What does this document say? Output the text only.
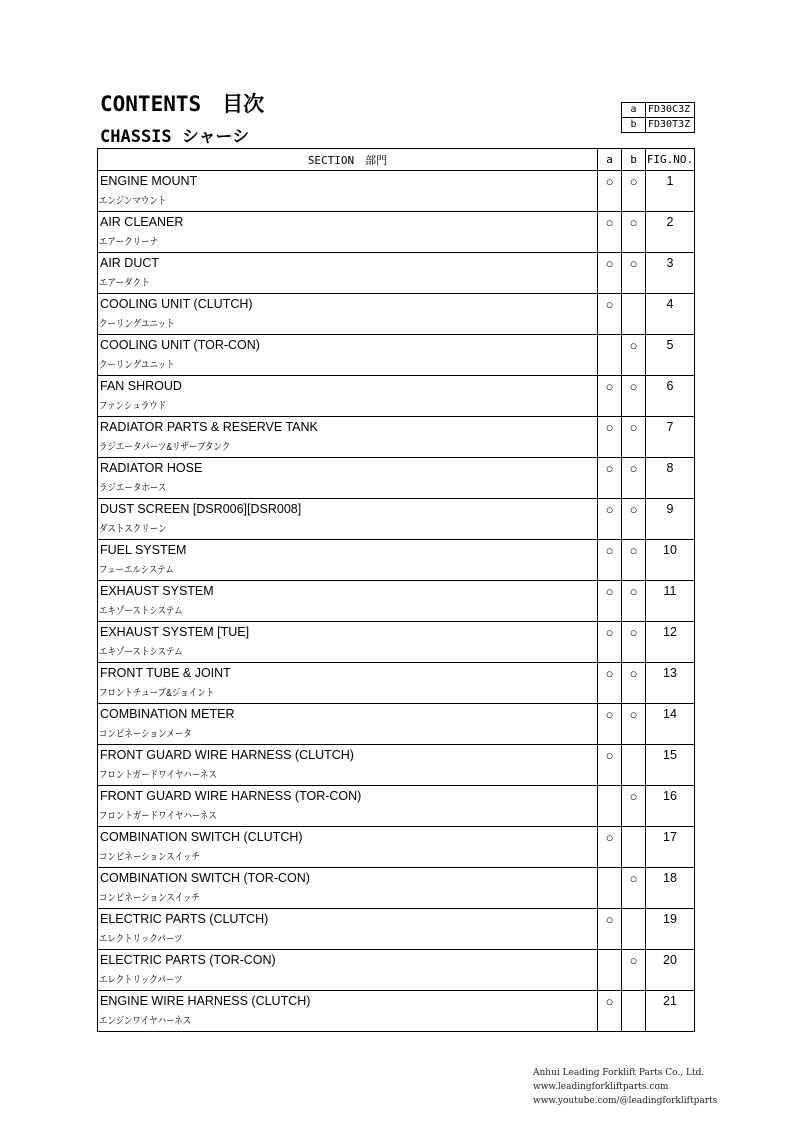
CONTENTS　目次
CHASSIS シャーシ
a	FD30C3Z
b	FD30T3Z
SECTION　部門	a	b	FIG.NO.

ENGINE MOUNT
エンジンマウント	○	○	1

AIR CLEANER
エアークリーナ	○	○	2

AIR DUCT
エアーダクト	○	○	3

COOLING UNIT (CLUTCH)
クーリングユニット	○		4

COOLING UNIT (TOR-CON)
クーリングユニット		○	5

FAN SHROUD
ファンシュラウド	○	○	6

RADIATOR PARTS & RESERVE TANK
ラジエータパーツ&リザーブタンク	○	○	7

RADIATOR HOSE
ラジエータホース	○	○	8

DUST SCREEN [DSR006][DSR008]
ダストスクリーン	○	○	9

FUEL SYSTEM
フューエルシステム	○	○	10

EXHAUST SYSTEM
エキゾーストシステム	○	○	11

EXHAUST SYSTEM [TUE]
エキゾーストシステム	○	○	12

FRONT TUBE & JOINT
フロントチューブ&ジョイント	○	○	13

COMBINATION METER
コンビネーションメータ	○	○	14

FRONT GUARD WIRE HARNESS (CLUTCH)
フロントガードワイヤハーネス	○		15

FRONT GUARD WIRE HARNESS (TOR-CON)
フロントガードワイヤハーネス		○	16

COMBINATION SWITCH (CLUTCH)
コンビネーションスイッチ	○		17

COMBINATION SWITCH (TOR-CON)
コンビネーションスイッチ		○	18

ELECTRIC PARTS (CLUTCH)
エレクトリックパーツ	○		19

ELECTRIC PARTS (TOR-CON)
エレクトリックパーツ		○	20

ENGINE WIRE HARNESS (CLUTCH)
エンジンワイヤハーネス	○		21
Anhui Leading Forklift Parts Co., Ltd.
www.leadingforkliftparts.com
www.youtube.com/@leadingforkliftparts
